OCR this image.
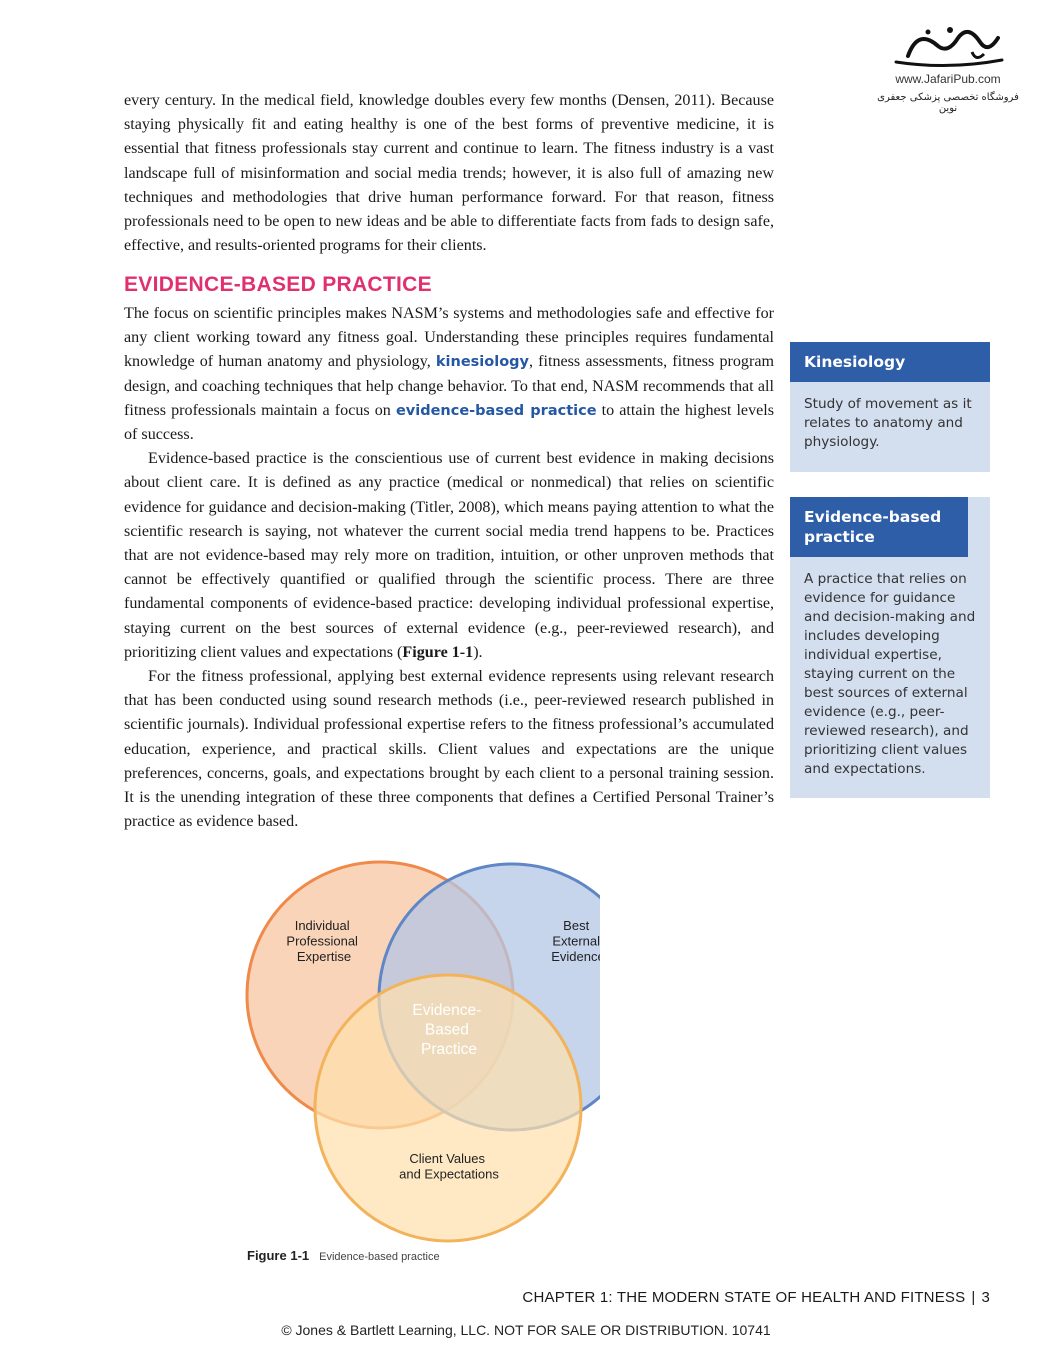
www.JafariPub.com
فروشگاه تخصصی پزشکی جعفری نوین

every century. In the medical field, knowledge doubles every few months (Densen, 2011). Because staying physically fit and eating healthy is one of the best forms of preventive medicine, it is essential that fitness professionals stay current and continue to learn. The fitness industry is a vast landscape full of misinformation and social media trends; however, it is also full of amazing new techniques and methodologies that drive human performance forward. For that reason, fitness professionals need to be open to new ideas and be able to differentiate facts from fads to design safe, effective, and results-oriented programs for their clients.

EVIDENCE-BASED PRACTICE

The focus on scientific principles makes NASM’s systems and methodologies safe and effective for any client working toward any fitness goal. Understanding these principles requires fundamental knowledge of human anatomy and physiology, kinesiology, fitness assessments, fitness program design, and coaching techniques that help change behavior. To that end, NASM recommends that all fitness professionals maintain a focus on evidence-based practice to attain the highest levels of success.

Evidence-based practice is the conscientious use of current best evidence in making decisions about client care. It is defined as any practice (medical or nonmedical) that relies on scientific evidence for guidance and decision-making (Titler, 2008), which means paying attention to what the scientific research is saying, not whatever the current social media trend happens to be. Practices that are not evidence-based may rely more on tradition, intuition, or other unproven methods that cannot be effectively quantified or qualified through the scientific process. There are three fundamental components of evidence-based practice: developing individual professional expertise, staying current on the best sources of external evidence (e.g., peer-reviewed research), and prioritizing client values and expectations (Figure 1-1).

For the fitness professional, applying best external evidence represents using relevant research that has been conducted using sound research methods (i.e., peer-reviewed research published in scientific journals). Individual professional expertise refers to the fitness professional’s accumulated education, experience, and practical skills. Client values and expectations are the unique preferences, concerns, goals, and expectations brought by each client to a personal training session. It is the unending integration of these three components that defines a Certified Personal Trainer’s practice as evidence based.

Kinesiology
Study of movement as it relates to anatomy and physiology.
Evidence-based practice
A practice that relies on evidence for guidance and decision-making and includes developing individual expertise, staying current on the best sources of external evidence (e.g., peer-reviewed research), and prioritizing client values and expectations.
Individual Professional Expertise
Best External Evidence
Client Values and Expectations
Evidence- Based Practice
Figure 1-1 Evidence-based practice
CHAPTER 1: THE MODERN STATE OF HEALTH AND FITNESS | 3
© Jones & Bartlett Learning, LLC. NOT FOR SALE OR DISTRIBUTION. 10741
